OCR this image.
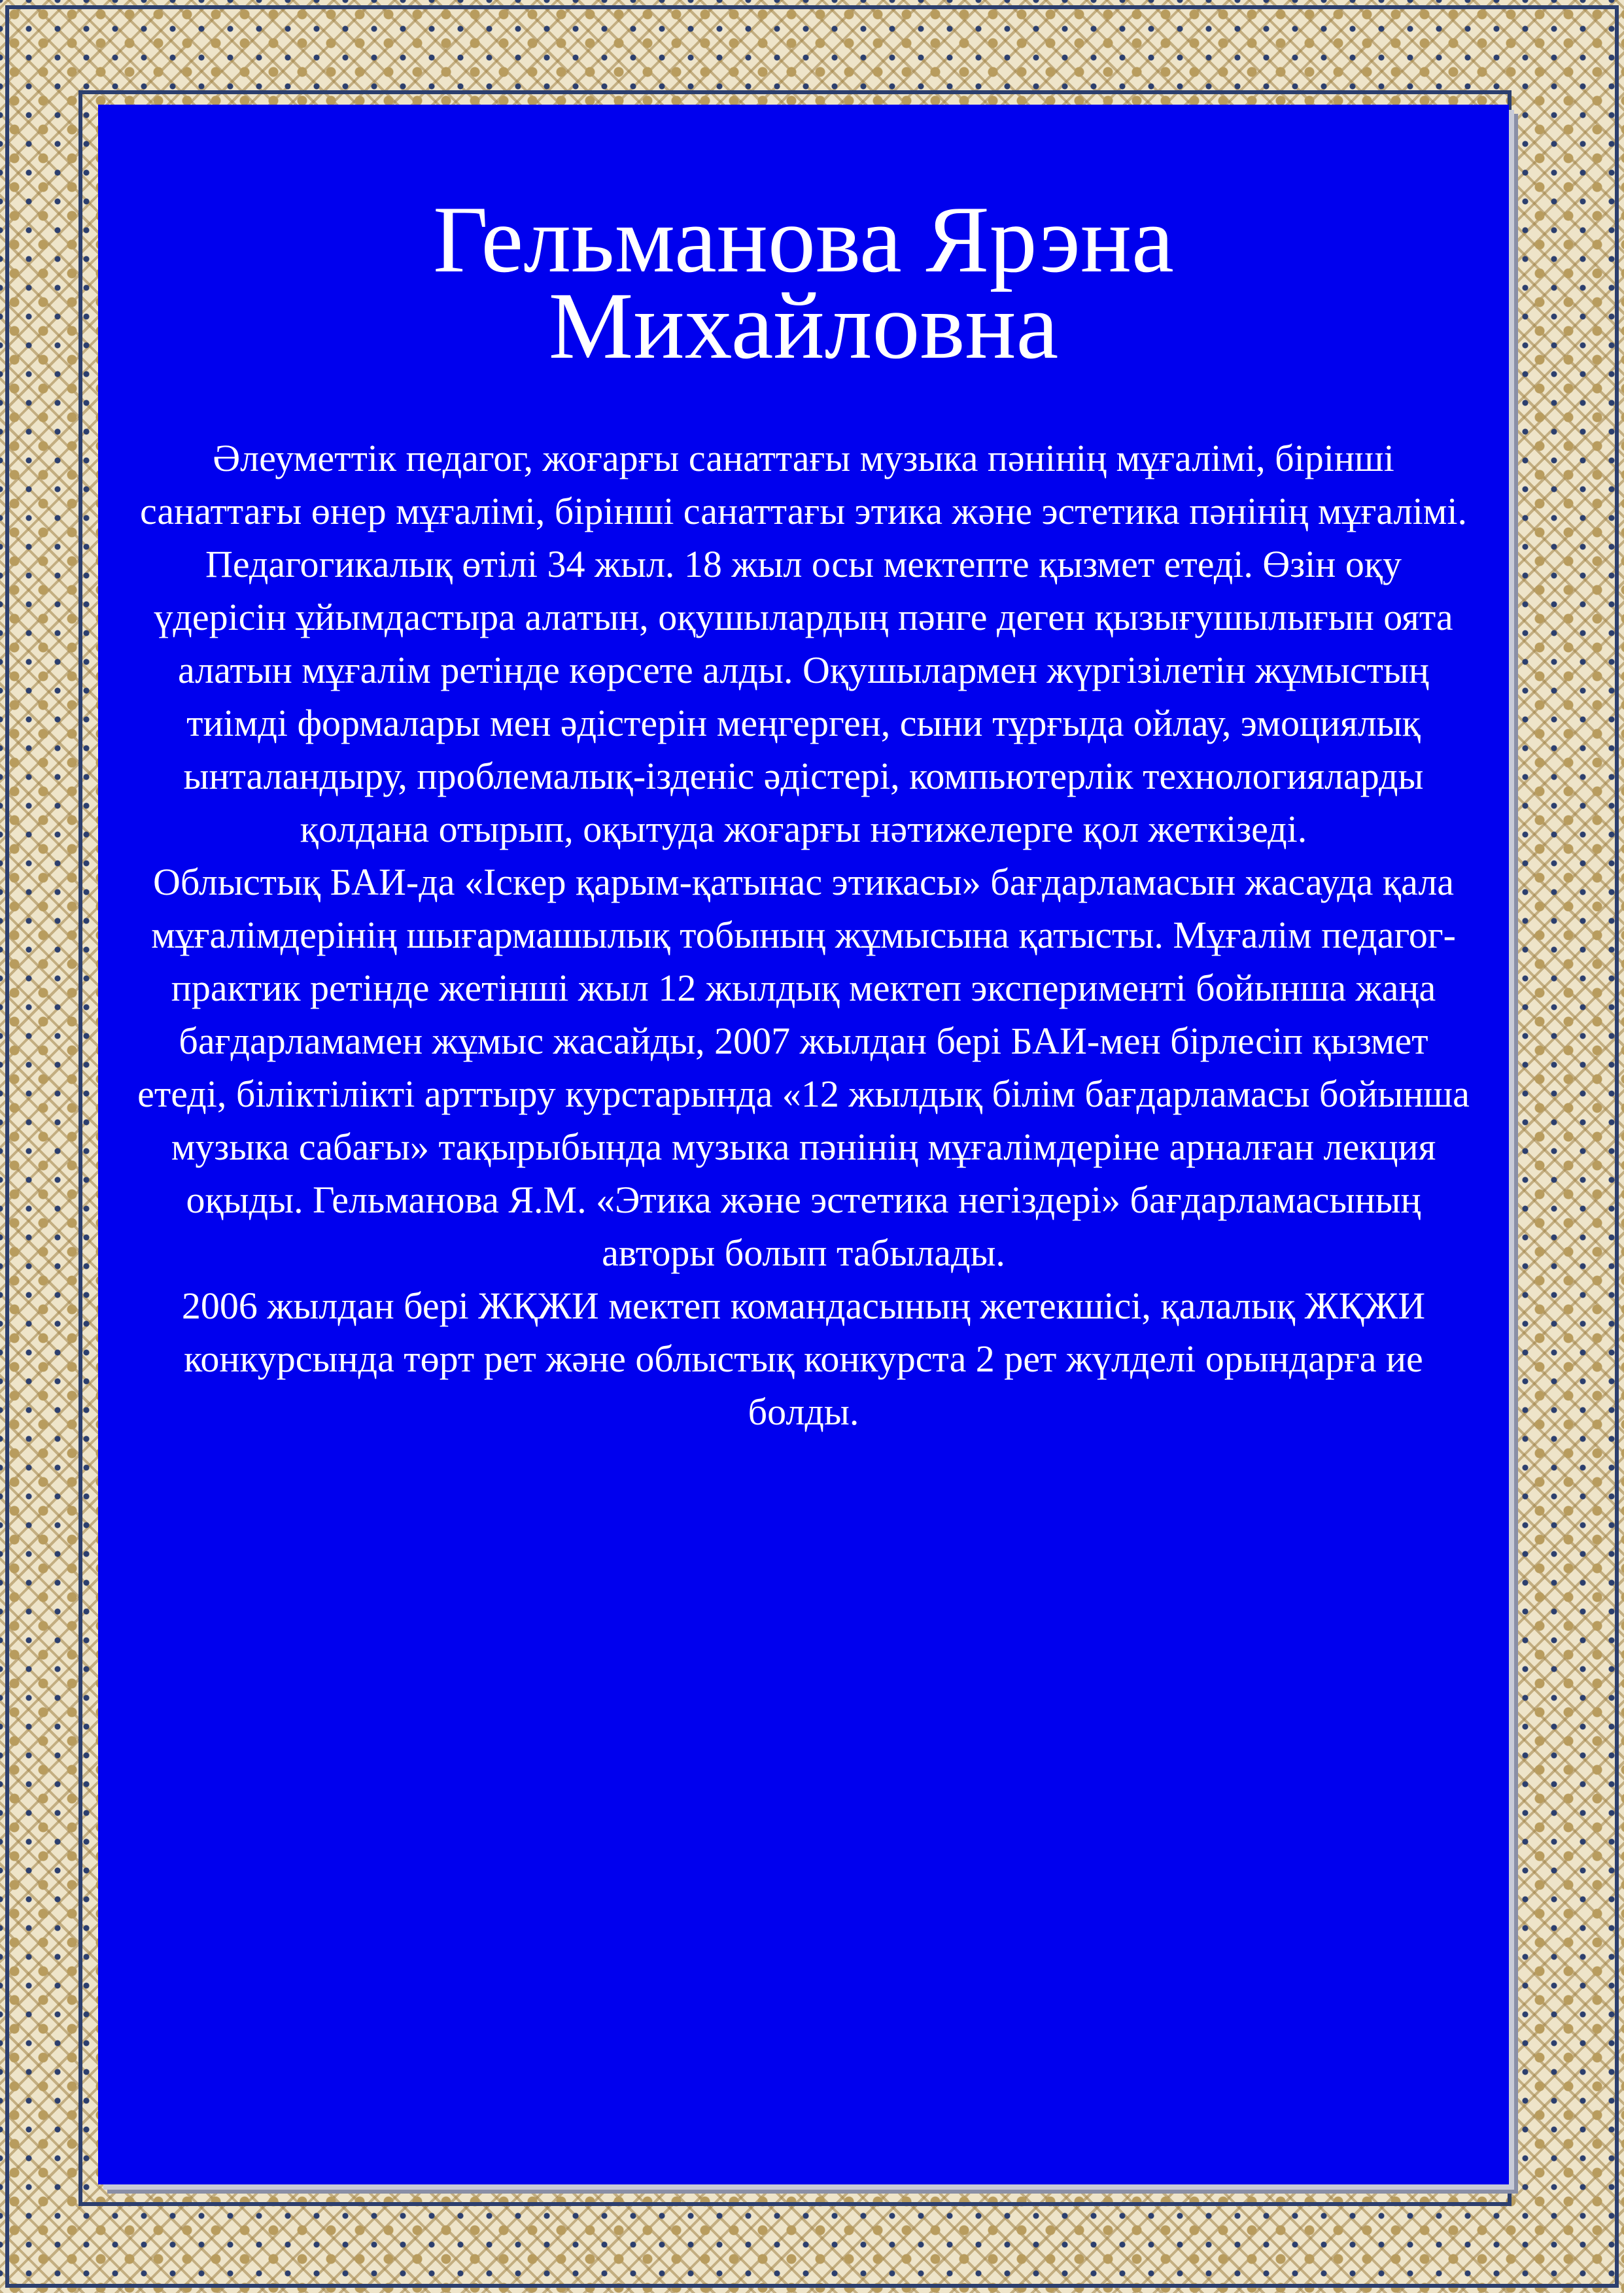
Гельманова Ярэна Михайловна

Әлеуметтік педагог, жоғарғы санаттағы музыка пәнінің мұғалімі, бірінші санаттағы өнер мұғалімі, бірінші санаттағы этика және эстетика пәнінің мұғалімі. Педагогикалық өтілі 34 жыл. 18 жыл осы мектепте қызмет етеді. Өзін оқу үдерісін ұйымдастыра алатын, оқушылардың пәнге деген қызығушылығын оята алатын мұғалім ретінде көрсете алды. Оқушылармен жүргізілетін жұмыстың тиімді формалары мен әдістерін меңгерген, сыни тұрғыда ойлау, эмоциялық ынталандыру, проблемалық-ізденіс әдістері, компьютерлік технологияларды қолдана отырып, оқытуда жоғарғы нәтижелерге қол жеткізеді.

Облыстық БАИ-да «Іскер қарым-қатынас этикасы» бағдарламасын жасауда қала мұғалімдерінің шығармашылық тобының жұмысына қатысты. Мұғалім педагог-практик ретінде жетінші жыл 12 жылдық мектеп эксперименті бойынша жаңа бағдарламамен жұмыс жасайды, 2007 жылдан бері БАИ-мен бірлесіп қызмет етеді, біліктілікті арттыру курстарында «12 жылдық білім бағдарламасы бойынша музыка сабағы» тақырыбында музыка пәнінің мұғалімдеріне арналған лекция оқыды. Гельманова Я.М. «Этика және эстетика негіздері» бағдарламасының авторы болып табылады.

2006 жылдан бері ЖҚЖИ мектеп командасының жетекшісі, қалалық ЖҚЖИ конкурсында төрт рет және облыстық конкурста 2 рет жүлделі орындарға ие болды.
